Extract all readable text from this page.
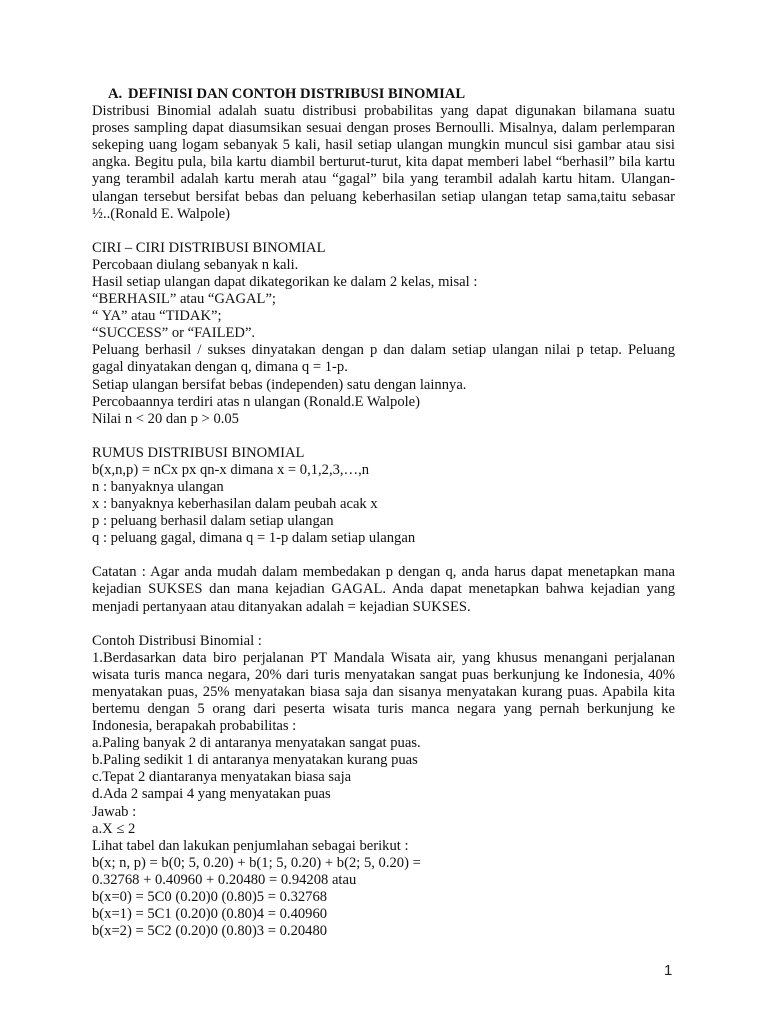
A. DEFINISI DAN CONTOH DISTRIBUSI BINOMIAL

Distribusi Binomial adalah suatu distribusi probabilitas yang dapat digunakan bilamana suatu proses sampling dapat diasumsikan sesuai dengan proses Bernoulli. Misalnya, dalam perlemparan sekeping uang logam sebanyak 5 kali, hasil setiap ulangan mungkin muncul sisi gambar atau sisi angka. Begitu pula, bila kartu diambil berturut-turut, kita dapat memberi label “berhasil” bila kartu yang terambil adalah kartu merah atau “gagal” bila yang terambil adalah kartu hitam. Ulangan-ulangan tersebut bersifat bebas dan peluang keberhasilan setiap ulangan tetap sama,taitu sebasar ½..(Ronald E. Walpole)

CIRI – CIRI DISTRIBUSI BINOMIAL

Percobaan diulang sebanyak n kali.

Hasil setiap ulangan dapat dikategorikan ke dalam 2 kelas, misal :

“BERHASIL” atau “GAGAL”;

“ YA” atau “TIDAK”;

“SUCCESS” or “FAILED”.

Peluang berhasil / sukses dinyatakan dengan p dan dalam setiap ulangan nilai p tetap. Peluang gagal dinyatakan dengan q, dimana q = 1-p.

Setiap ulangan bersifat bebas (independen) satu dengan lainnya.

Percobaannya terdiri atas n ulangan (Ronald.E Walpole)

Nilai n < 20 dan p > 0.05

RUMUS DISTRIBUSI BINOMIAL

b(x,n,p) = nCx px qn-x dimana x = 0,1,2,3,…,n

n : banyaknya ulangan

x : banyaknya keberhasilan dalam peubah acak x

p : peluang berhasil dalam setiap ulangan

q : peluang gagal, dimana q = 1-p dalam setiap ulangan

Catatan : Agar anda mudah dalam membedakan p dengan q, anda harus dapat menetapkan mana kejadian SUKSES dan mana kejadian GAGAL. Anda dapat menetapkan bahwa kejadian yang menjadi pertanyaan atau ditanyakan adalah = kejadian SUKSES.

Contoh Distribusi Binomial :

1.Berdasarkan data biro perjalanan PT Mandala Wisata air, yang khusus menangani perjalanan wisata turis manca negara, 20% dari turis menyatakan sangat puas berkunjung ke Indonesia, 40% menyatakan puas, 25% menyatakan biasa saja dan sisanya menyatakan kurang puas. Apabila kita bertemu dengan 5 orang dari peserta wisata turis manca negara yang pernah berkunjung ke Indonesia, berapakah probabilitas :

a.Paling banyak 2 di antaranya menyatakan sangat puas.

b.Paling sedikit 1 di antaranya menyatakan kurang puas

c.Tepat 2 diantaranya menyatakan biasa saja

d.Ada 2 sampai 4 yang menyatakan puas

Jawab :

a.X ≤ 2

Lihat tabel dan lakukan penjumlahan sebagai berikut :

b(x; n, p) = b(0; 5, 0.20) + b(1; 5, 0.20) + b(2; 5, 0.20) =

0.32768 + 0.40960 + 0.20480 = 0.94208 atau

b(x=0) = 5C0 (0.20)0 (0.80)5 = 0.32768

b(x=1) = 5C1 (0.20)0 (0.80)4 = 0.40960

b(x=2) = 5C2 (0.20)0 (0.80)3 = 0.20480

1
